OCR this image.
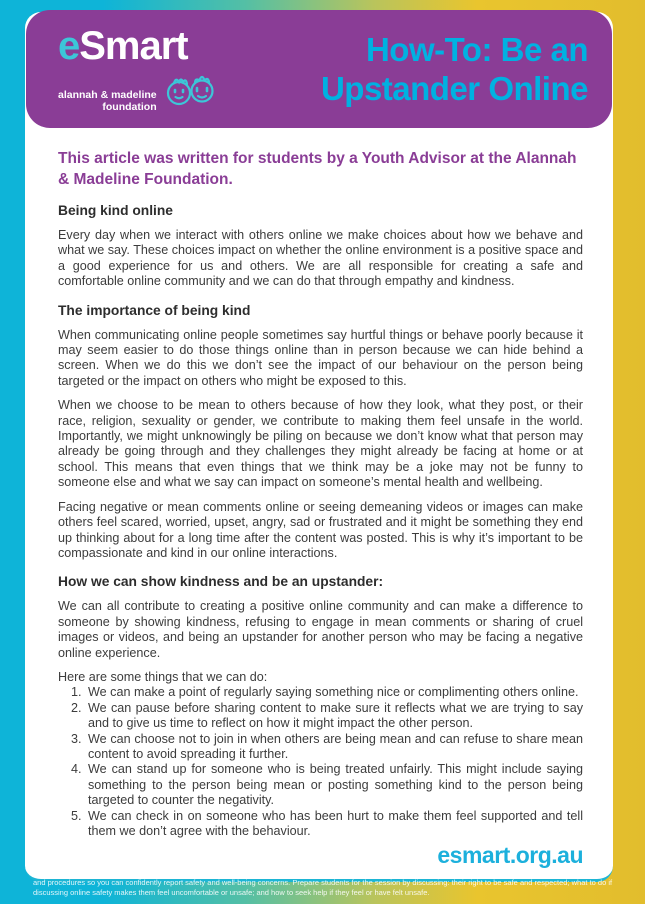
eSmart
alannah & madeline
foundation
How-To: Be an
Upstander Online

This article was written for students by a Youth Advisor at the Alannah & Madeline Foundation.

Being kind online

Every day when we interact with others online we make choices about how we behave and what we say. These choices impact on whether the online environment is a positive space and a good experience for us and others. We are all responsible for creating a safe and comfortable online community and we can do that through empathy and kindness.

The importance of being kind

When communicating online people sometimes say hurtful things or behave poorly because it may seem easier to do those things online than in person because we can hide behind a screen. When we do this we don’t see the impact of our behaviour on the person being targeted or the impact on others who might be exposed to this.

When we choose to be mean to others because of how they look, what they post, or their race, religion, sexuality or gender, we contribute to making them feel unsafe in the world. Importantly, we might unknowingly be piling on because we don’t know what that person may already be going through and they challenges they might already be facing at home or at school. This means that even things that we think may be a joke may not be funny to someone else and what we say can impact on someone’s mental health and wellbeing.

Facing negative or mean comments online or seeing demeaning videos or images can make others feel scared, worried, upset, angry, sad or frustrated and it might be something they end up thinking about for a long time after the content was posted. This is why it’s important to be compassionate and kind in our online interactions.

How we can show kindness and be an upstander:

We can all contribute to creating a positive online community and can make a difference to someone by showing kindness, refusing to engage in mean comments or sharing of cruel images or videos, and being an upstander for another person who may be facing a negative online experience.

Here are some things that we can do:

1. We can make a point of regularly saying something nice or complimenting others online.
2. We can pause before sharing content to make sure it reflects what we are trying to say and to give us time to reflect on how it might impact the other person.
3. We can choose not to join in when others are being mean and can refuse to share mean content to avoid spreading it further.
4. We can stand up for someone who is being treated unfairly. This might include saying something to the person being mean or posting something kind to the person being targeted to counter the negativity.
5. We can check in on someone who has been hurt to make them feel supported and tell them we don’t agree with the behaviour.
esmart.org.au
Some resources and activities may prompt a child to remember and potentially share an experience of harm. Make sure your familiar with your school’s safeguarding policies and procedures so you can confidently report safety and well-being concerns. Prepare students for the session by discussing: their right to be safe and respected; what to do if discussing online safety makes them feel uncomfortable or unsafe; and how to seek help if they feel or have felt unsafe.
